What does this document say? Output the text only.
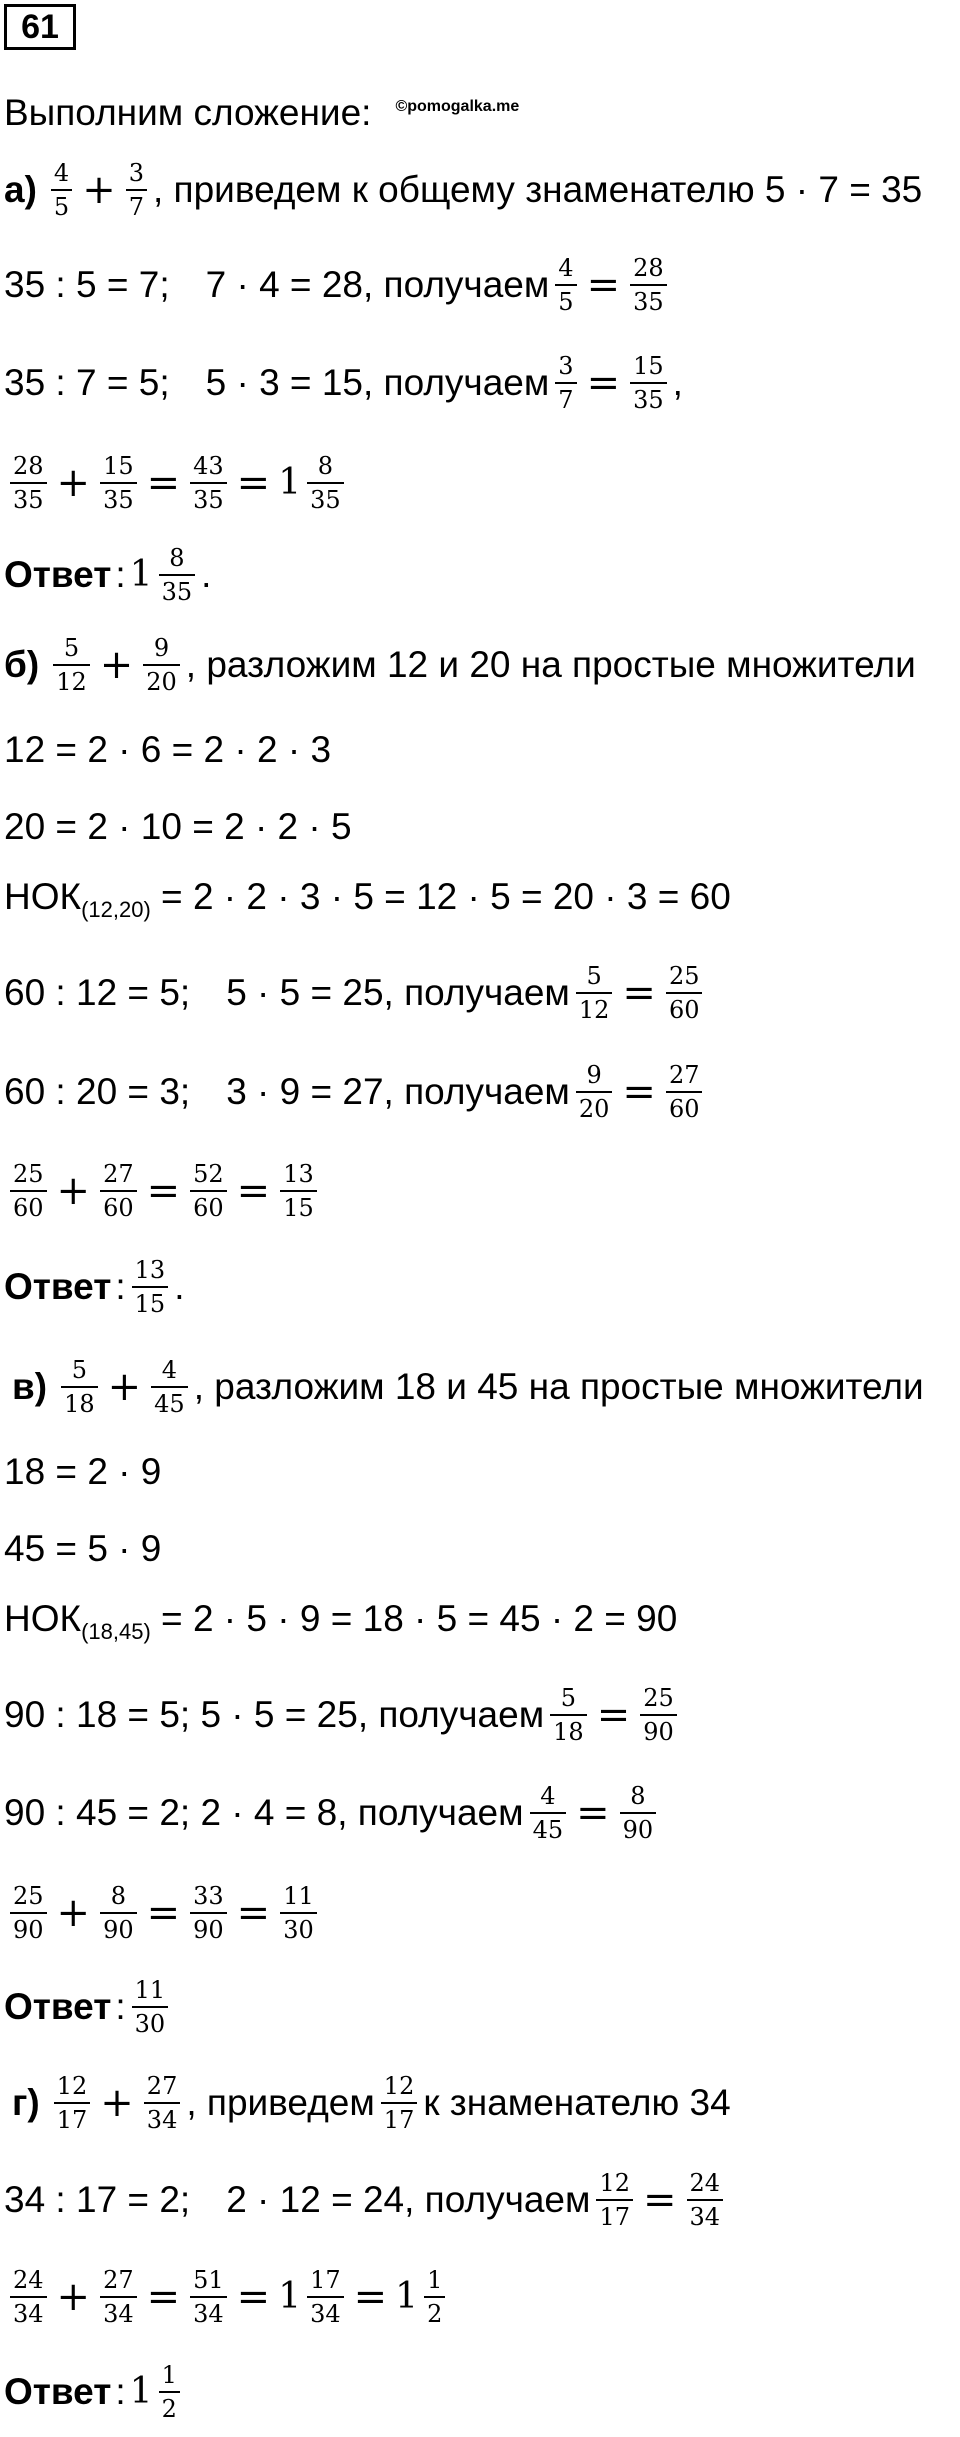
61
Выполним сложение: $^{©pomogalka.me}$
$а) \frac{4}{5} + \frac{3}{7}$ , приведем к общему знаменателю 5 · 7 = 35
35 : 5 = 7; 7 · 4 = 28, получаем $\frac{4}{5} = \frac{28}{35}$
35 : 7 = 5; 5 · 3 = 15, получаем $\frac{3}{7} = \frac{15}{35}$ ,
$\frac{28}{35} + \frac{15}{35} = \frac{43}{35} = 1 \frac{8}{35}$
Ответ : $1 \frac{8}{35}$ .
$б) \frac{5}{12} + \frac{9}{20}$ , разложим 12 и 20 на простые множители
12 = 2 · 6 = 2 · 2 · 3
20 = 2 · 10 = 2 · 2 · 5
$НОК_{(12,20)} = 2 \cdot 2 \cdot 3 \cdot 5 = 12 \cdot 5 = 20 \cdot 3 = 60$
60 : 12 = 5; 5 · 5 = 25, получаем $\frac{5}{12} = \frac{25}{60}$
60 : 20 = 3; 3 · 9 = 27, получаем $\frac{9}{20} = \frac{27}{60}$
$\frac{25}{60} + \frac{27}{60} = \frac{52}{60} = \frac{13}{15}$
Ответ : $\frac{13}{15}$ .
$в) \frac{5}{18} + \frac{4}{45}$ , разложим 18 и 45 на простые множители
18 = 2 · 9
45 = 5 · 9
$НОК_{(18,45)} = 2 \cdot 5 \cdot 9 = 18 \cdot 5 = 45 \cdot 2 = 90$
90 : 18 = 5; 5 · 5 = 25, получаем $\frac{5}{18} = \frac{25}{90}$
90 : 45 = 2; 2 · 4 = 8, получаем $\frac{4}{45} = \frac{8}{90}$
$\frac{25}{90} + \frac{8}{90} = \frac{33}{90} = \frac{11}{30}$
Ответ : $\frac{11}{30}$
$г) \frac{12}{17} + \frac{27}{34}$ , приведем $\frac{12}{17}$ к знаменателю 34
34 : 17 = 2; 2 · 12 = 24, получаем $\frac{12}{17} = \frac{24}{34}$
$\frac{24}{34} + \frac{27}{34} = \frac{51}{34} = 1 \frac{17}{34} = 1 \frac{1}{2}$
Ответ : $1 \frac{1}{2}$
